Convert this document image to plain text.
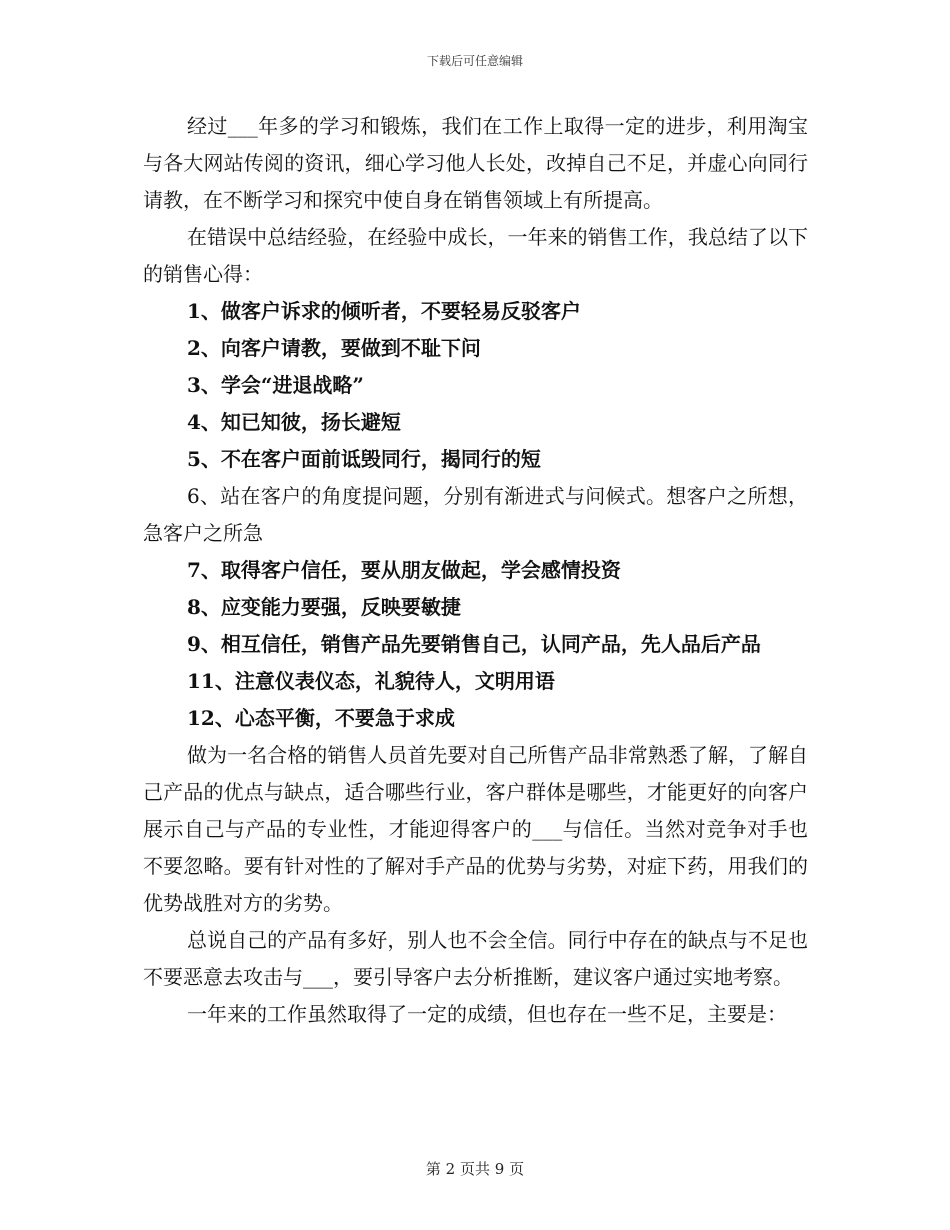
下载后可任意编辑

经过___年多的学习和锻炼，我们在工作上取得一定的进步，利用淘宝与各大网站传阅的资讯，细心学习他人长处，改掉自己不足，并虚心向同行请教，在不断学习和探究中使自身在销售领域上有所提高。

在错误中总结经验，在经验中成长，一年来的销售工作，我总结了以下的销售心得：

1、做客户诉求的倾听者，不要轻易反驳客户

2、向客户请教，要做到不耻下问

3、学会“进退战略”

4、知已知彼，扬长避短

5、不在客户面前诋毁同行，揭同行的短

6、站在客户的角度提问题，分别有渐进式与问候式。想客户之所想，急客户之所急

7、取得客户信任，要从朋友做起，学会感情投资

8、应变能力要强，反映要敏捷

9、相互信任，销售产品先要销售自己，认同产品，先人品后产品

11、注意仪表仪态，礼貌待人，文明用语

12、心态平衡，不要急于求成

做为一名合格的销售人员首先要对自己所售产品非常熟悉了解，了解自己产品的优点与缺点，适合哪些行业，客户群体是哪些，才能更好的向客户展示自己与产品的专业性，才能迎得客户的___与信任。当然对竞争对手也不要忽略。要有针对性的了解对手产品的优势与劣势，对症下药，用我们的优势战胜对方的劣势。

总说自己的产品有多好，别人也不会全信。同行中存在的缺点与不足也不要恶意去攻击与___，要引导客户去分析推断，建议客户通过实地考察。

一年来的工作虽然取得了一定的成绩，但也存在一些不足，主要是：

第 2 页共 9 页
